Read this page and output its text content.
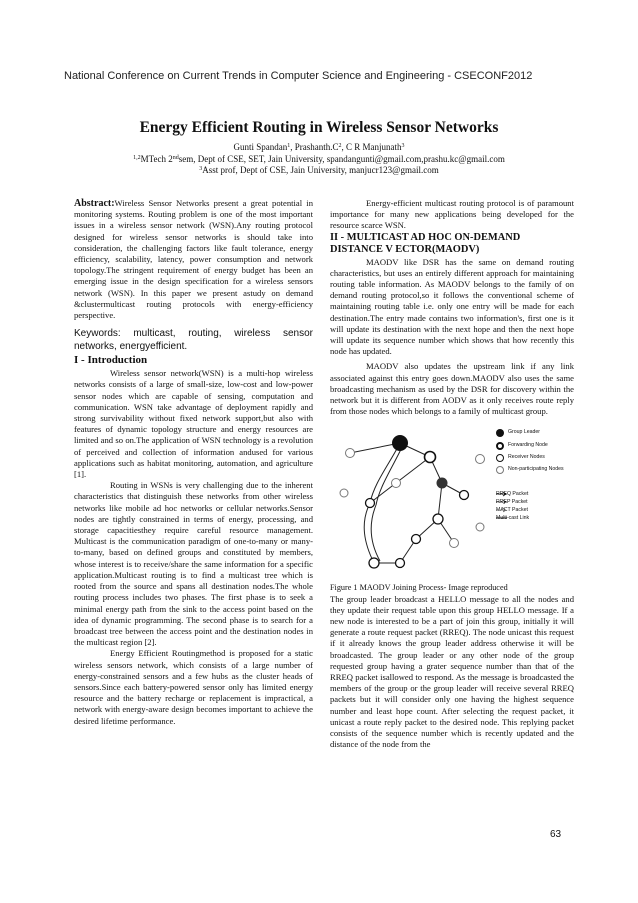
National Conference on Current Trends in Computer Science and Engineering - CSECONF2012
Energy Efficient Routing in Wireless Sensor Networks
Gunti Spandan$^1$, $Prashanth.C^2$, C R Manjunath$^3$
$^{1,2}$MTech 2ndsem, Dept of CSE, SET, Jain University, spandangunti@gmail.com,prashu.kc@gmail.com
$^3$Asst prof, Dept of CSE, Jain University, manjucr123@gmail.com

Abstract:Wireless Sensor Networks present a great potential in monitoring systems. Routing problem is one of the most important issues in a wireless sensor network (WSN).Any routing protocol designed for wireless sensor networks is should take into consideration, the challenging factors like fault tolerance, energy efficiency, scalability, latency, power consumption and network topology.The stringent requirement of energy budget has been an emerging issue in the design specification for a wireless sensors network (WSN). In this paper we present astudy on demand &clustermulticast routing protocols with energy-efficiency perspective.

Keywords: multicast, routing, wireless sensor networks, energyefficient.

I - Introduction

Wireless sensor network(WSN) is a multi-hop wireless networks consists of a large of small-size, low-cost and low-power sensor nodes which are capable of sensing, computation and communication. WSN take advantage of deployment rapidly and strong survivability without fixed network support,but also with features of dynamic topology structure and energy resources are limited and so on.The application of WSN technology is a revolution of perceived and collection of information andused for various applications such as habitat monitoring, automation, and agriculture [1].

Routing in WSNs is very challenging due to the inherent characteristics that distinguish these networks from other wireless networks like mobile ad hoc networks or cellular networks.Sensor nodes are tightly constrained in terms of energy, processing, and storage capacitiesthey require careful resource management. Multicast is the communication paradigm of one-to-many or many-to-many, based on defined groups and constituted by members, whose interest is to receive/share the same information for a specific application.Multicast routing is to find a multicast tree which is rooted from the source and spans all destination nodes.The whole routing process includes two phases. The first phase is to seek a minimal energy path from the sink to the access point based on the idea of dynamic programming. The second phase is to search for a broadcast tree between the access point and the destination nodes in the multicast region [2].

Energy Efficient Routingmethod is proposed for a static wireless sensors network, which consists of a large number of energy-constrained sensors and a few hubs as the cluster heads of sensors.Since each battery-powered sensor only has limited energy resource and the battery recharge or replacement is impractical, a network with energy-aware design becomes important to achieve the desired lifetime performance.

Energy-efficient multicast routing protocol is of paramount importance for many new applications being developed for the resource scarce WSN.

II - MULTICAST AD HOC ON-DEMAND DISTANCE V ECTOR(MAODV)

MAODV like DSR has the same on demand routing characteristics, but uses an entirely different approach for maintaining routing table information. As MAODV belongs to the family of on demand routing protocol,so it follows the conventional scheme of maintaining routing table i.e. only one entry will be made for each destination.The entry made contains two information's, first one is it will update its destination with the next hope and then the next hope will update its sequence number which shows that how recently this node has updated.

MAODV also updates the upstream link if any link associated against this entry goes down.MAODV also uses the same broadcasting mechanism as used by the DSR for discovery within the network but it is different from AODV as it only receives route reply from those nodes which belongs to a family of multicast group.

Group Leader
Forwarding Node
Receiver Nodes
Non-participating Nodes
RREQ Packet
RREP Packet
MACT Packet
Multi-cast Link

Figure 1 MAODV Joining Process- Image reproduced

The group leader broadcast a HELLO message to all the nodes and they update their request table upon this group HELLO message. If a new node is interested to be a part of join this group, initially it will generate a route request packet (RREQ). The node unicast this request if it already knows the group leader address otherwise it will be broadcasted. The group leader or any other node of the group requested group having a grater sequence number than that of the RREQ packet isallowed to respond. As the message is broadcasted the members of the group or the group leader will receive several RREQ packets but it will consider only one having the highest sequence number and least hope count. After selecting the request packet, it unicast a route reply packet to the desired node. This replying packet consists of the sequence number which is recently updated and the distance of the node from the

63
